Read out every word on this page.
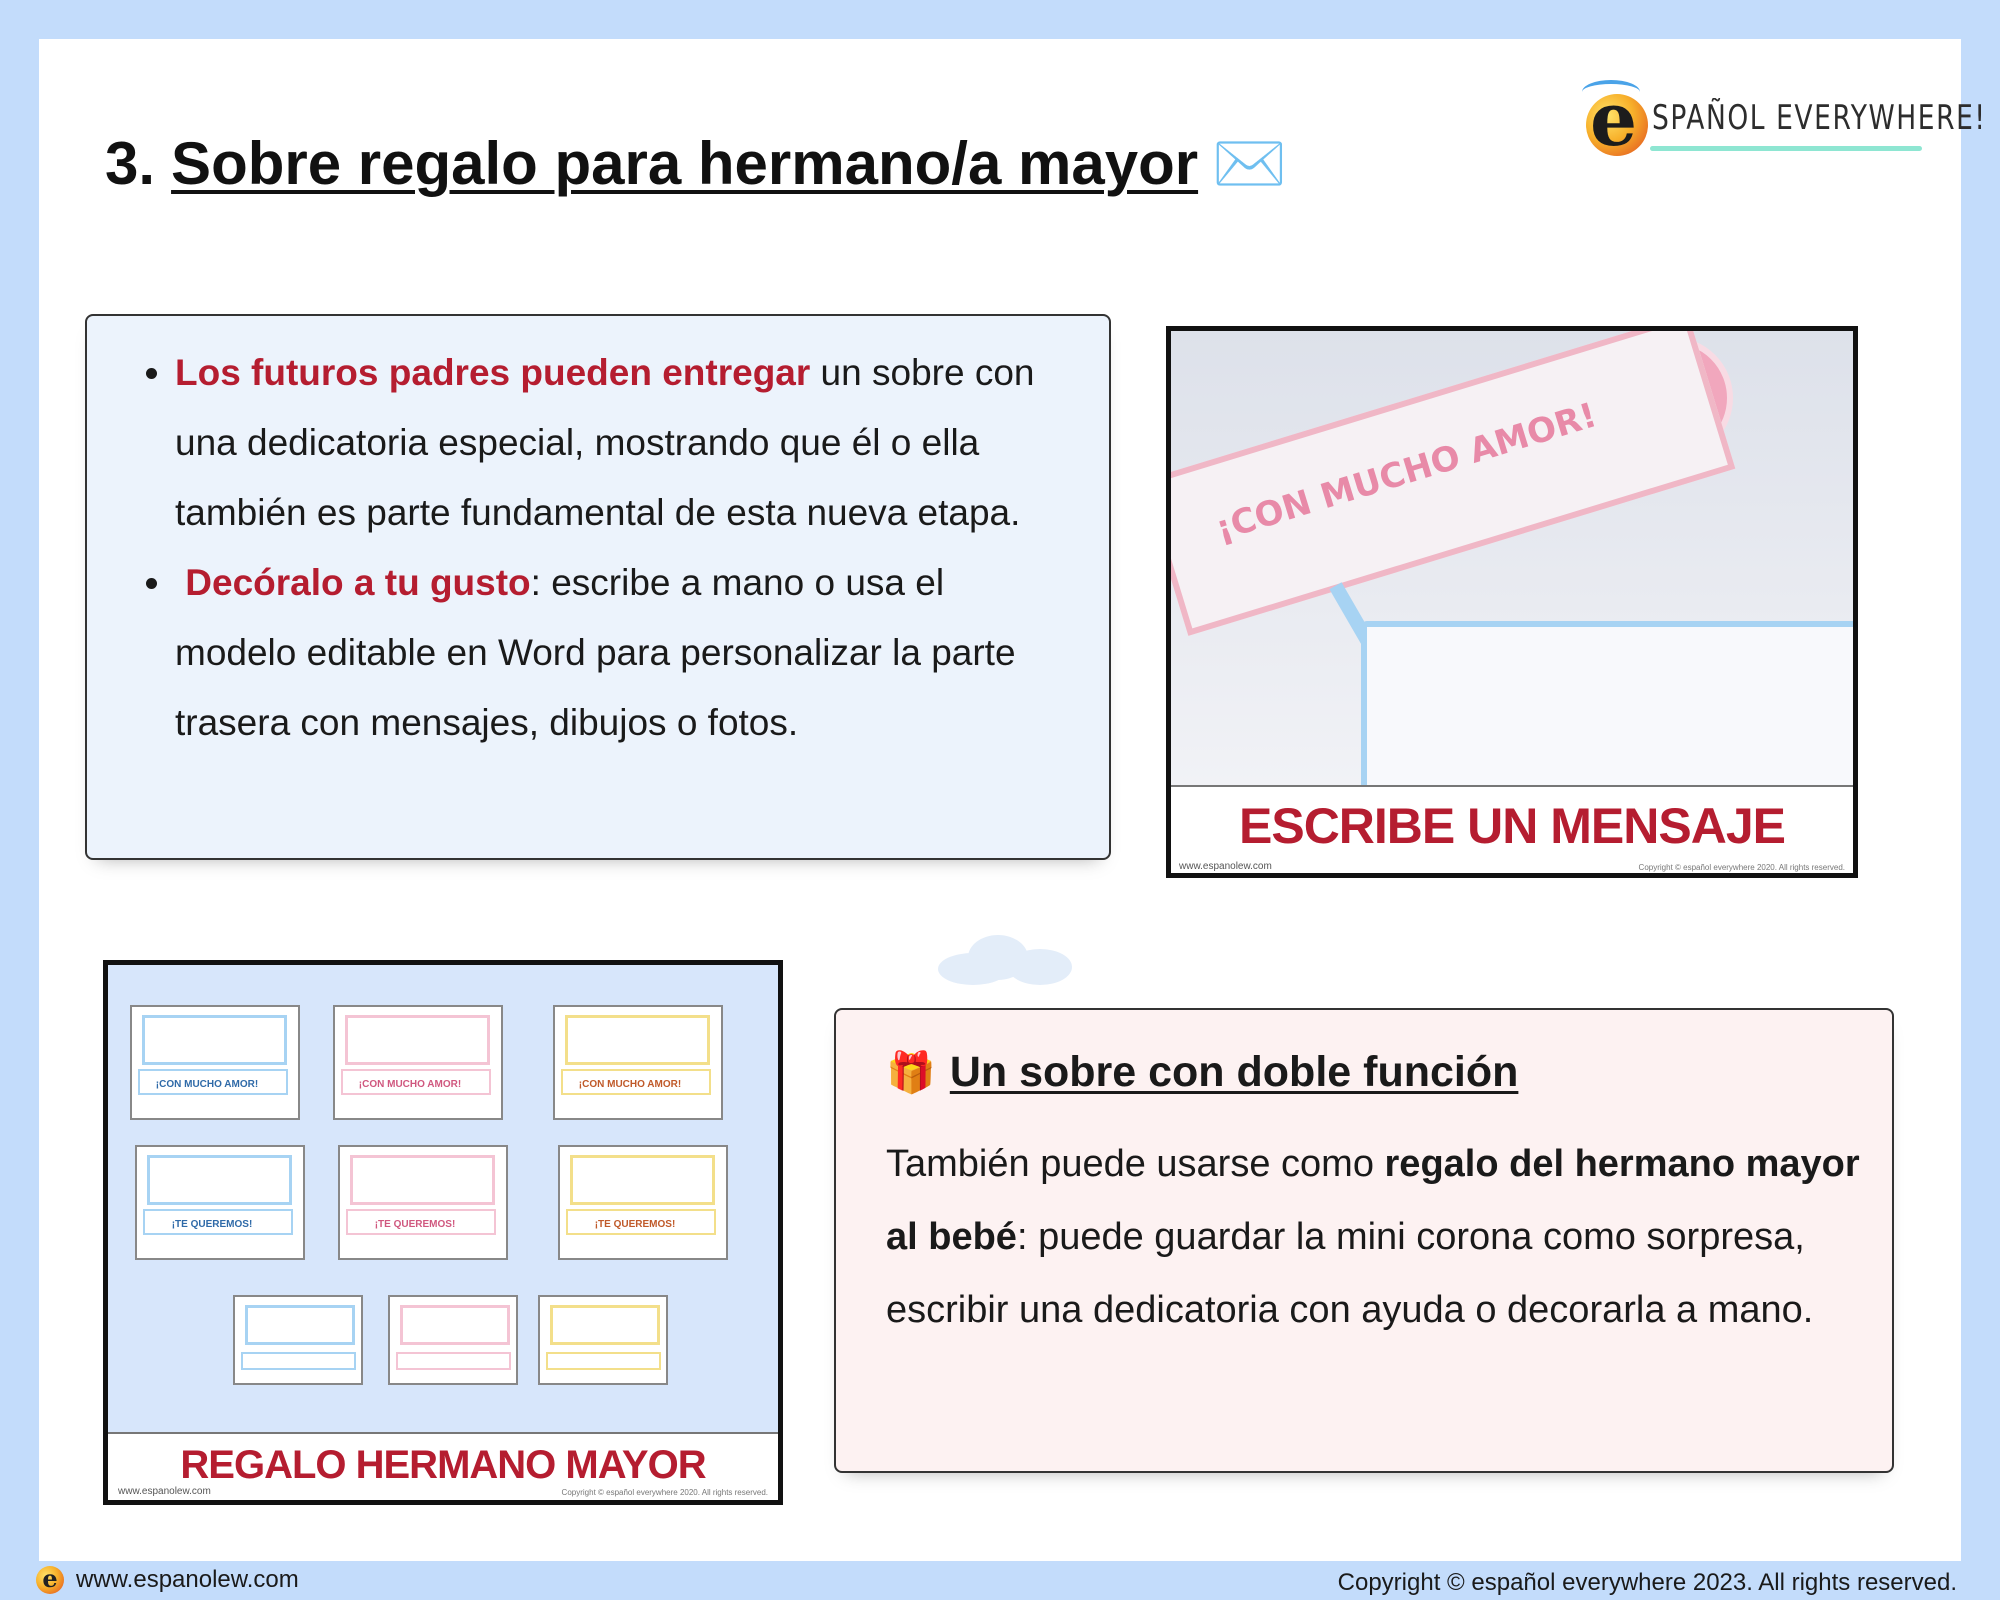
3. Sobre regalo para hermano/a mayor ✉️
e SPAÑOL EVERYWHERE!
• Los futuros padres pueden entregar un sobre con una dedicatoria especial, mostrando que él o ella también es parte fundamental de esta nueva etapa.
• Decóralo a tu gusto: escribe a mano o usa el modelo editable en Word para personalizar la parte trasera con mensajes, dibujos o fotos.
¡CON MUCHO AMOR!
ESCRIBE UN MENSAJE
www.espanolew.com	Copyright © español everywhere 2020. All rights reserved.
¡CON MUCHO AMOR!	¡CON MUCHO AMOR!	¡CON MUCHO AMOR!
¡TE QUEREMOS!	¡TE QUEREMOS!	¡TE QUEREMOS!
REGALO HERMANO MAYOR
www.espanolew.com	Copyright © español everywhere 2020. All rights reserved.
🎁 Un sobre con doble función
También puede usarse como regalo del hermano mayor al bebé: puede guardar la mini corona como sorpresa, escribir una dedicatoria con ayuda o decorarla a mano.
e www.espanolew.com	Copyright © español everywhere 2023. All rights reserved.
